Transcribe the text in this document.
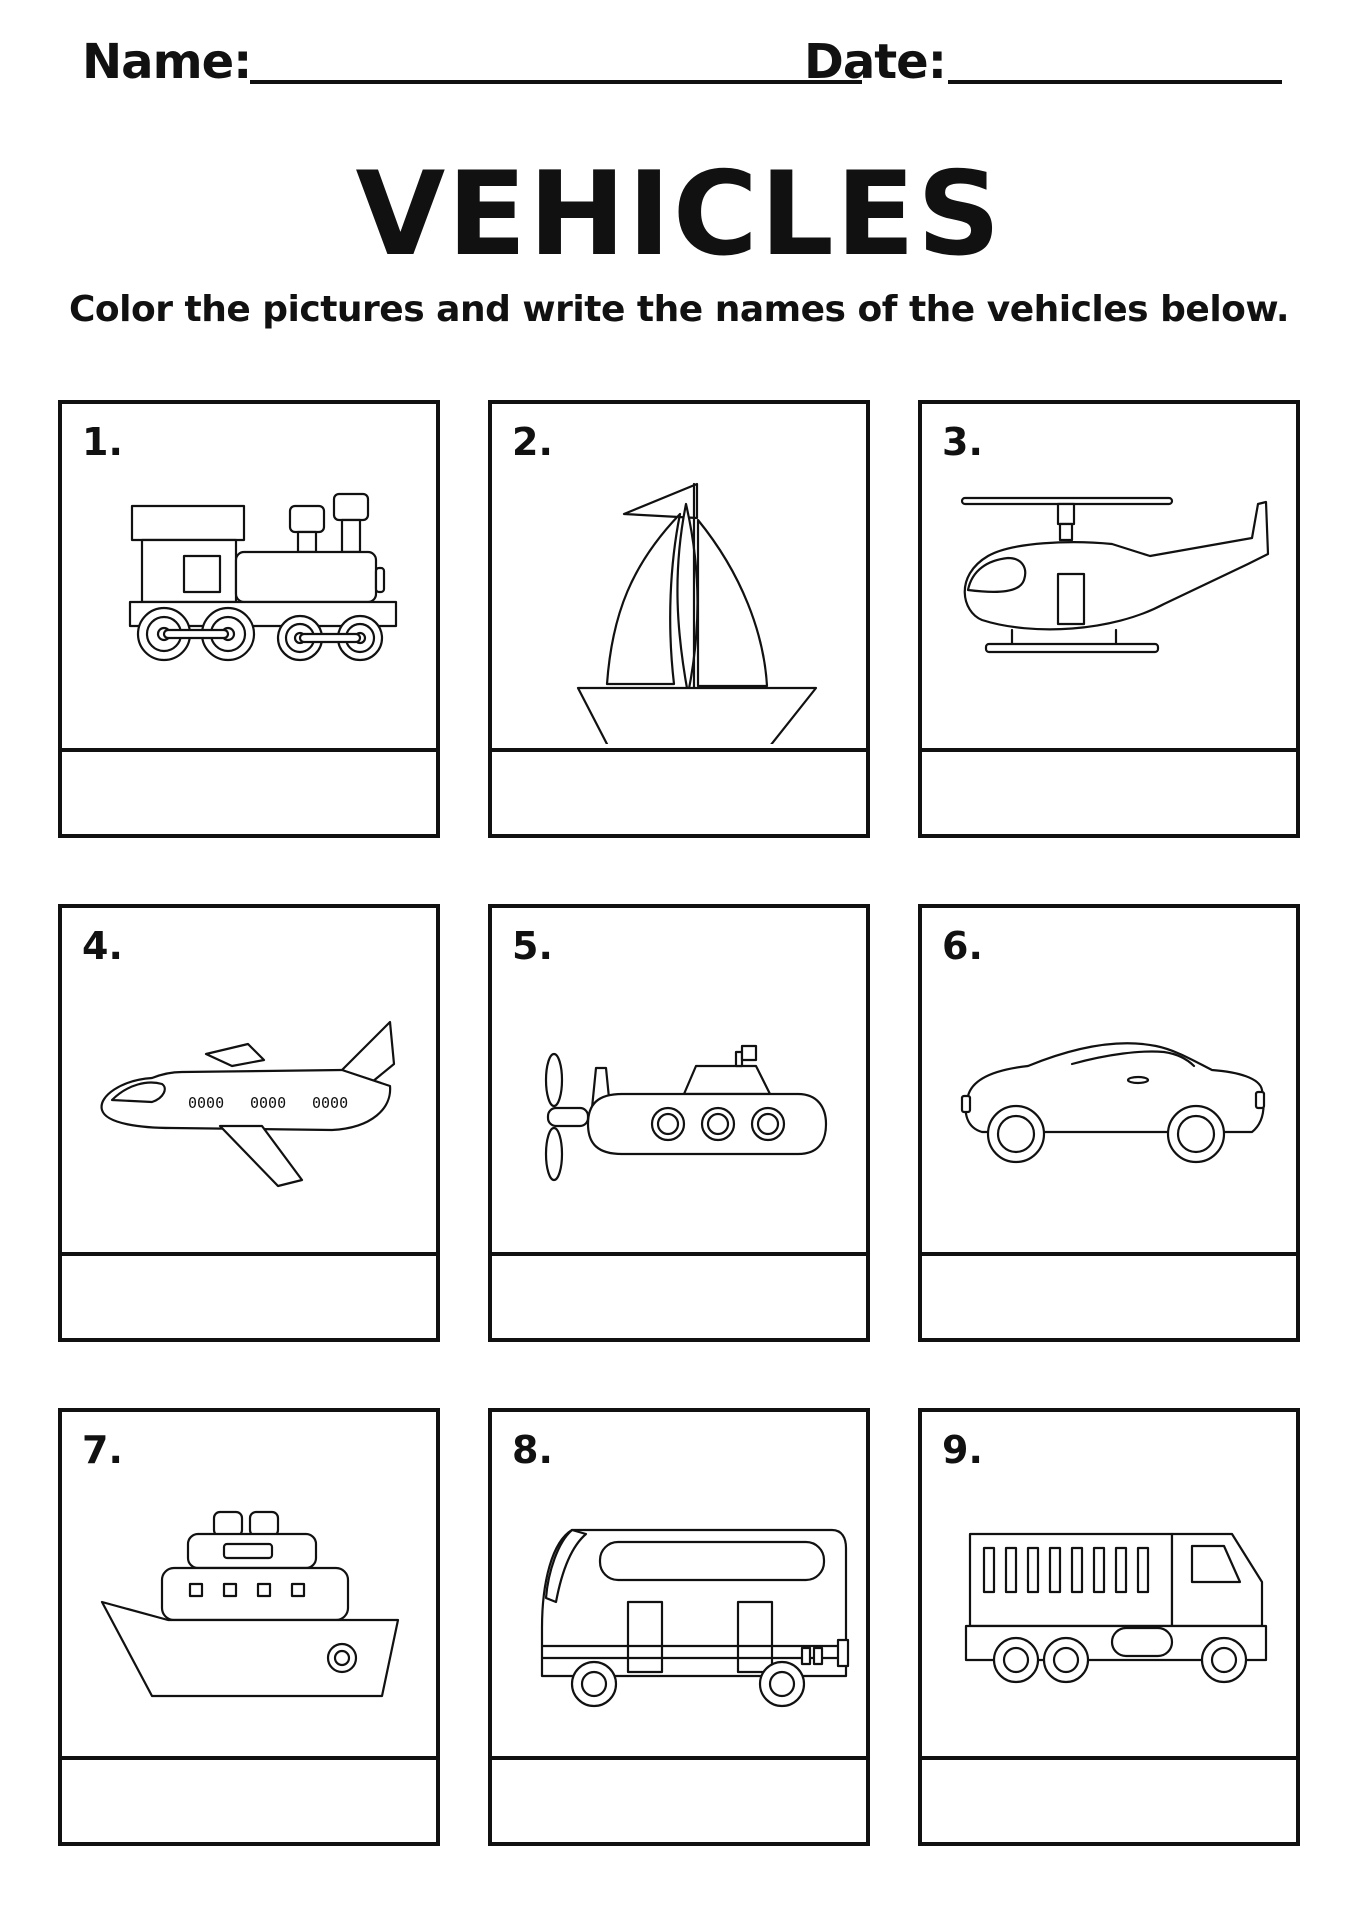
Name:	Date:
VEHICLES
Color the pictures and write the names of the vehicles below.
1.	2.	3.
4.
0000 0000 0000
5.	6.
7.	8.	9.
